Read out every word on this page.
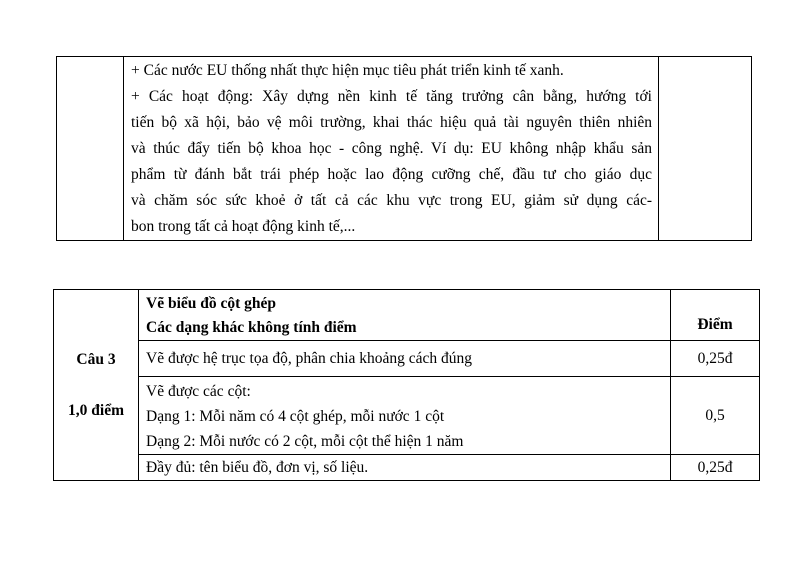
+ Các nước EU thống nhất thực hiện mục tiêu phát triển kinh tế xanh.
+ Các hoạt động: Xây dựng nền kinh tế tăng trưởng cân bằng, hướng tới
tiến bộ xã hội, bảo vệ môi trường, khai thác hiệu quả tài nguyên thiên nhiên
và thúc đẩy tiến bộ khoa học - công nghệ. Ví dụ: EU không nhập khẩu sản
phẩm từ đánh bắt trái phép hoặc lao động cưỡng chế, đầu tư cho giáo dục
và chăm sóc sức khoẻ ở tất cả các khu vực trong EU, giảm sử dụng các-
bon trong tất cả hoạt động kinh tế,...

Câu 3
1,0 điểm

Vẽ biểu đồ cột ghép
Các dạng khác không tính điểm	Điểm

	Vẽ được hệ trục tọa độ, phân chia khoảng cách đúng	0,25đ

	Vẽ được các cột:
Dạng 1: Mỗi năm có 4 cột ghép, mỗi nước 1 cột
Dạng 2: Mỗi nước có 2 cột, mỗi cột thể hiện 1 năm	0,5

	Đầy đủ: tên biểu đồ, đơn vị, số liệu.	0,25đ
